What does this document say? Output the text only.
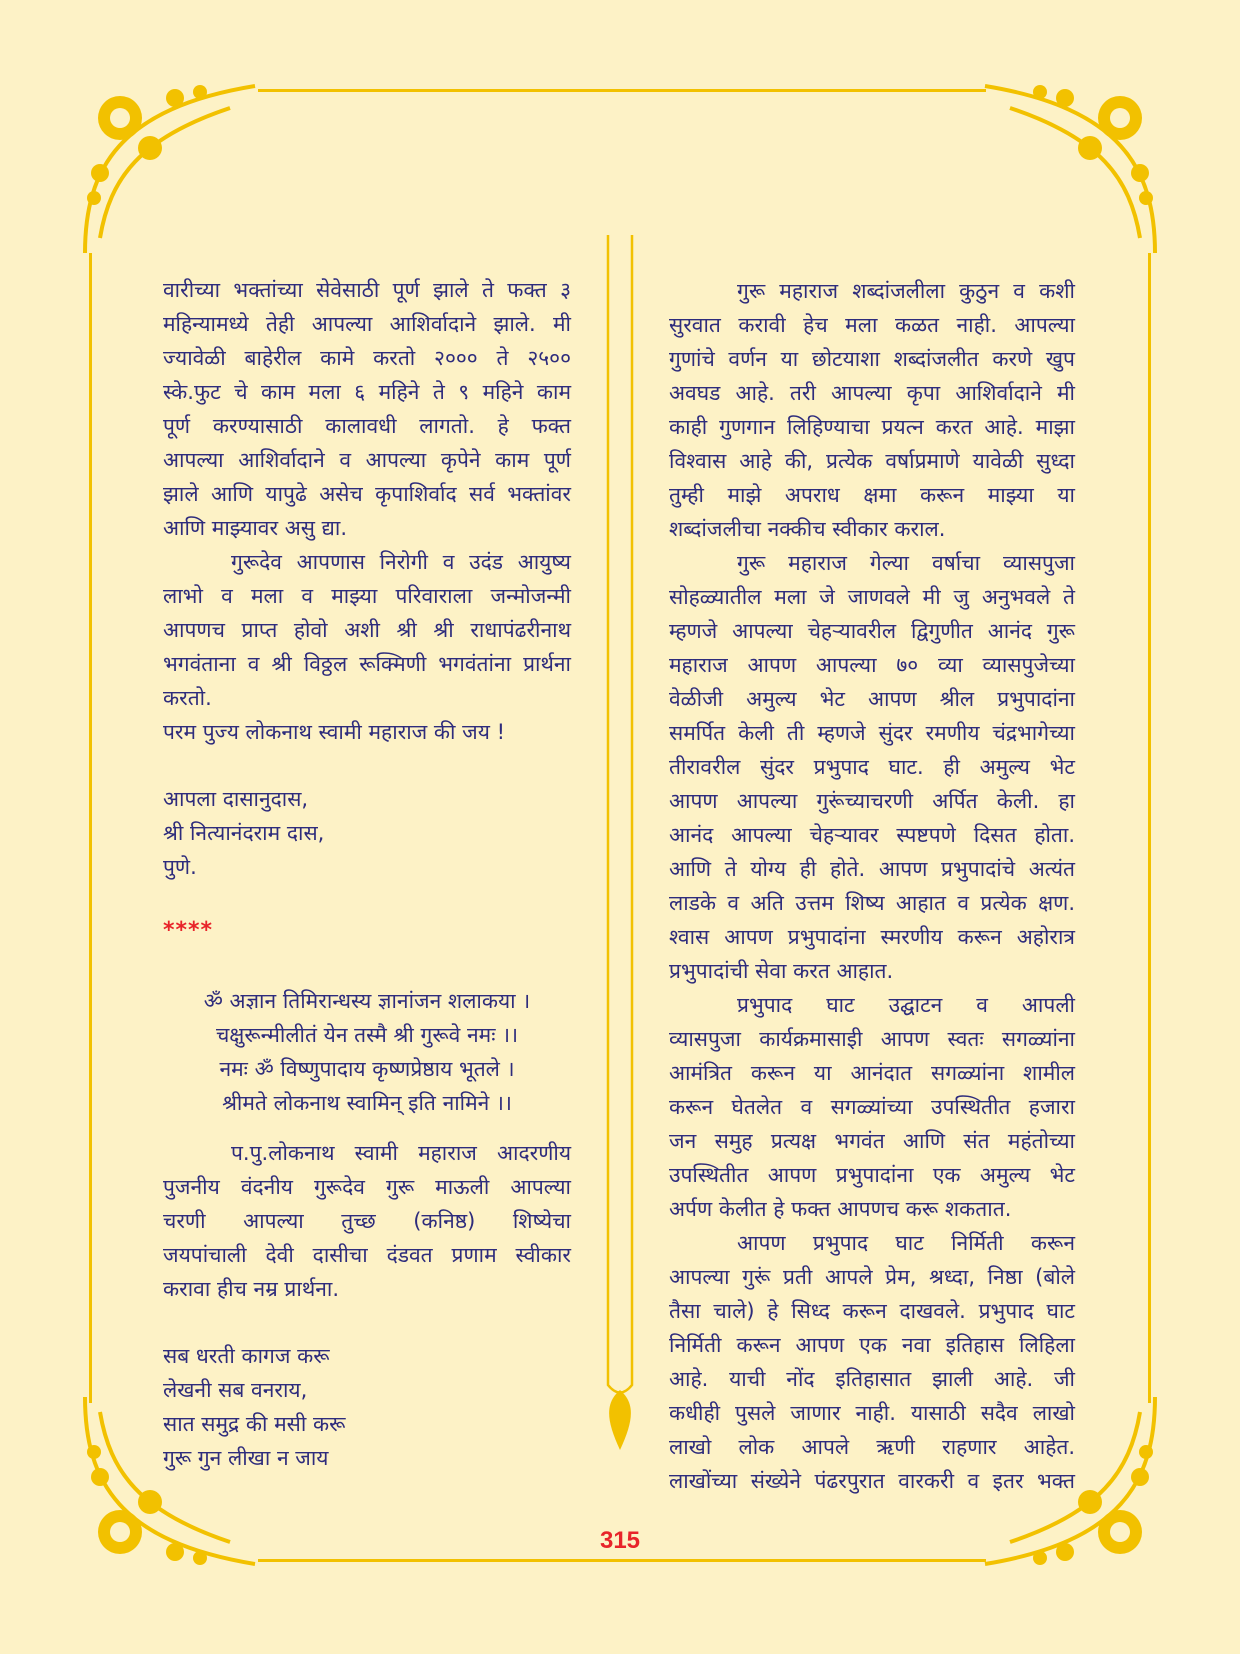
वारीच्या भक्तांच्या सेवेसाठी पूर्ण झाले ते फक्त ३
महिन्यामध्ये तेही आपल्या आशिर्वादाने झाले. मी
ज्यावेळी बाहेरील कामे करतो २००० ते २५००
स्के.फुट चे काम मला ६ महिने ते ९ महिने काम
पूर्ण करण्यासाठी कालावधी लागतो. हे फक्त
आपल्या आशिर्वादाने व आपल्या कृपेने काम पूर्ण
झाले आणि यापुढे असेच कृपाशिर्वाद सर्व भक्तांवर
आणि माझ्यावर असु द्या.
गुरूदेव आपणास निरोगी व उदंड आयुष्य
लाभो व मला व माझ्या परिवाराला जन्मोजन्मी
आपणच प्राप्त होवो अशी श्री श्री राधापंढरीनाथ
भगवंताना व श्री विठ्ठल रूक्मिणी भगवंतांना प्रार्थना
करतो.
परम पुज्य लोकनाथ स्वामी महाराज की जय !
आपला दासानुदास,
श्री नित्यानंदराम दास,
पुणे.
****
ॐ अज्ञान तिमिरान्धस्य ज्ञानांजन शलाकया ।
चक्षुरून्मीलीतं येन तस्मै श्री गुरूवे नमः ।।
नमः ॐ विष्णुपादाय कृष्णप्रेष्ठाय भूतले ।
श्रीमते लोकनाथ स्वामिन् इति नामिने ।।
प.पु.लोकनाथ स्वामी महाराज आदरणीय
पुजनीय वंदनीय गुरूदेव गुरू माऊली आपल्या
चरणी आपल्या तुच्छ (कनिष्ठ) शिष्येचा
जयपांचाली देवी दासीचा दंडवत प्रणाम स्वीकार
करावा हीच नम्र प्रार्थना.
सब धरती कागज करू
लेखनी सब वनराय,
सात समुद्र की मसी करू
गुरू गुन लीखा न जाय
गुरू महाराज शब्दांजलीला कुठुन व कशी
सुरवात करावी हेच मला कळत नाही. आपल्या
गुणांचे वर्णन या छोटयाशा शब्दांजलीत करणे खुप
अवघड आहे. तरी आपल्या कृपा आशिर्वादाने मी
काही गुणगान लिहिण्याचा प्रयत्न करत आहे. माझा
विश्वास आहे की, प्रत्येक वर्षाप्रमाणे यावेळी सुध्दा
तुम्ही माझे अपराध क्षमा करून माझ्या या
शब्दांजलीचा नक्कीच स्वीकार कराल.
गुरू महाराज गेल्या वर्षाचा व्यासपुजा
सोहळ्यातील मला जे जाणवले मी जु अनुभवले ते
म्हणजे आपल्या चेहऱ्यावरील द्विगुणीत आनंद गुरू
महाराज आपण आपल्या ७० व्या व्यासपुजेच्या
वेळीजी अमुल्य भेट आपण श्रील प्रभुपादांना
समर्पित केली ती म्हणजे सुंदर रमणीय चंद्रभागेच्या
तीरावरील सुंदर प्रभुपाद घाट. ही अमुल्य भेट
आपण आपल्या गुरूंच्याचरणी अर्पित केली. हा
आनंद आपल्या चेहऱ्यावर स्पष्टपणे दिसत होता.
आणि ते योग्य ही होते. आपण प्रभुपादांचे अत्यंत
लाडके व अति उत्तम शिष्य आहात व प्रत्येक क्षण.
श्वास आपण प्रभुपादांना स्मरणीय करून अहोरात्र
प्रभुपादांची सेवा करत आहात.
प्रभुपाद घाट उद्घाटन व आपली
व्यासपुजा कार्यक्रमासाइी आपण स्वतः सगळ्यांना
आमंत्रित करून या आनंदात सगळ्यांना शामील
करून घेतलेत व सगळ्यांच्या उपस्थितीत हजारा
जन समुह प्रत्यक्ष भगवंत आणि संत महंतोच्या
उपस्थितीत आपण प्रभुपादांना एक अमुल्य भेट
अर्पण केलीत हे फक्त आपणच करू शकतात.
आपण प्रभुपाद घाट निर्मिती करून
आपल्या गुरूं प्रती आपले प्रेम, श्रध्दा, निष्ठा (बोले
तैसा चाले) हे सिध्द करून दाखवले. प्रभुपाद घाट
निर्मिती करून आपण एक नवा इतिहास लिहिला
आहे. याची नोंद इतिहासात झाली आहे. जी
कधीही पुसले जाणार नाही. यासाठी सदैव लाखो
लाखो लोक आपले ऋणी राहणार आहेत.
लाखोंच्या संख्येने पंढरपुरात वारकरी व इतर भक्त
315
